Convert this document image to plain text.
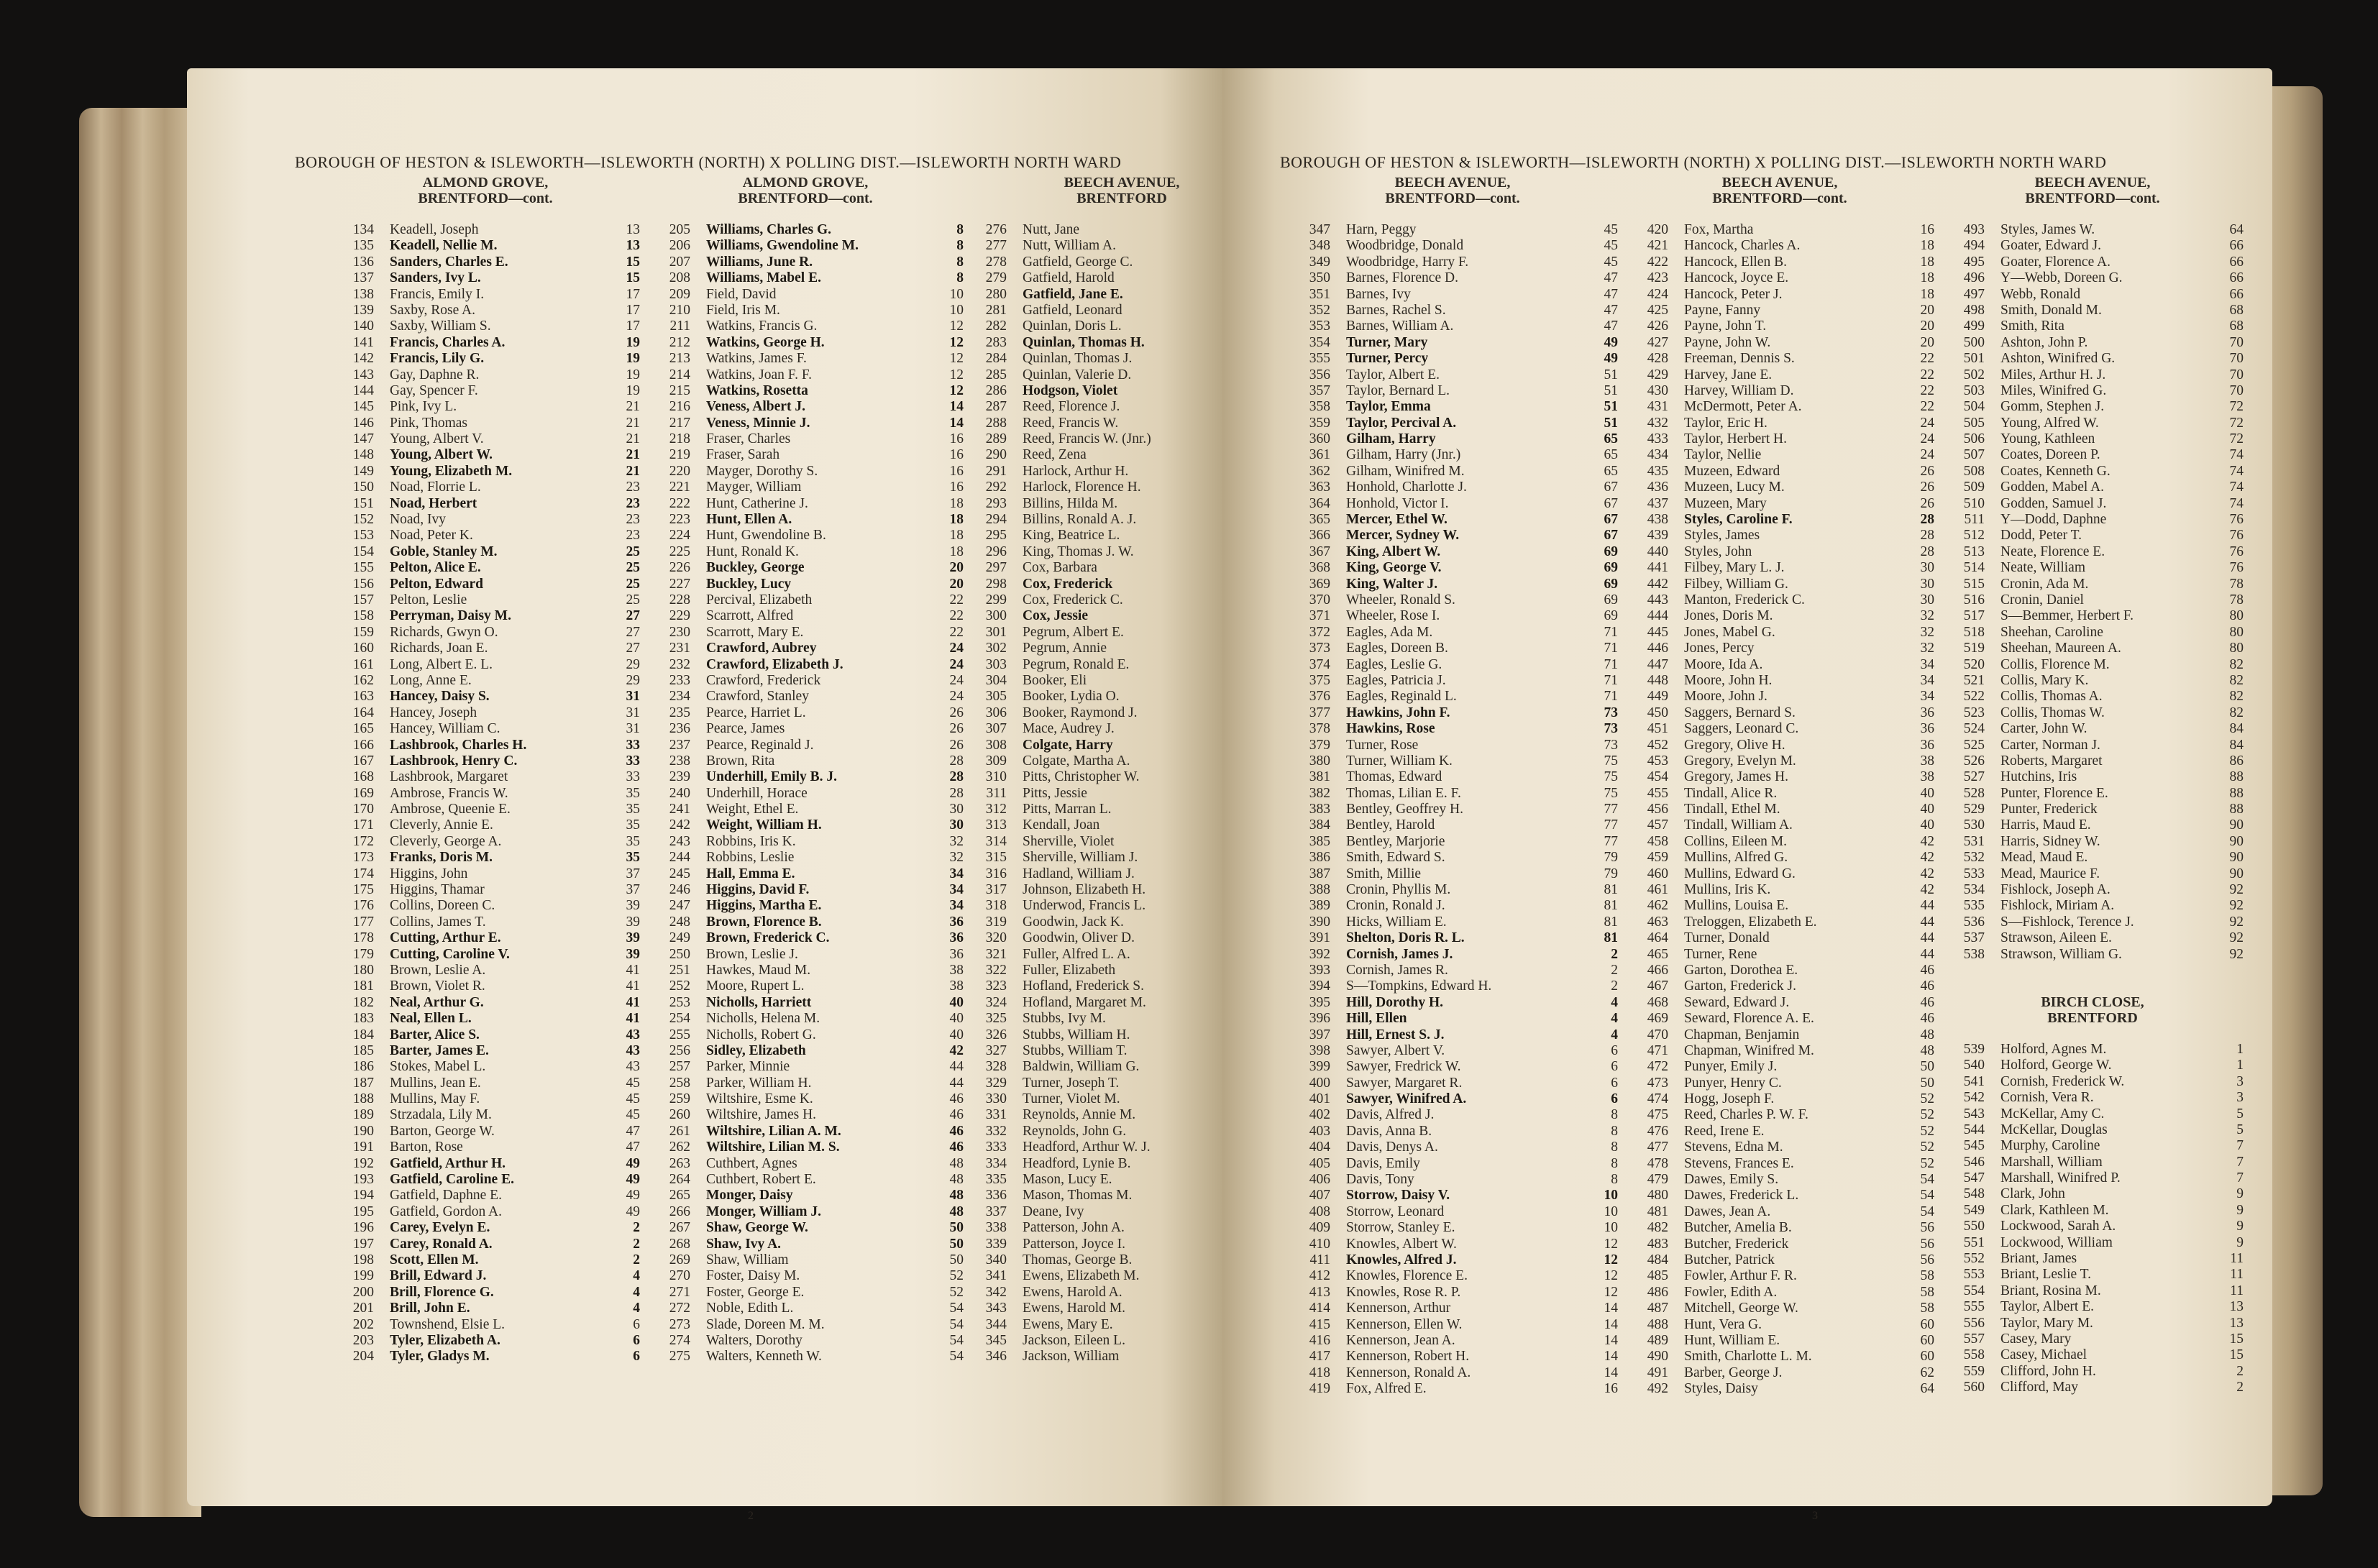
BOROUGH OF HESTON & ISLEWORTH—ISLEWORTH (NORTH) X POLLING DIST.—ISLEWORTH NORTH WARD
ALMOND GROVE,
BRENTFORD—cont.
134	Keadell, Joseph	13
135	Keadell, Nellie M.	13
136	Sanders, Charles E.	15
137	Sanders, Ivy L.	15
138	Francis, Emily I.	17
139	Saxby, Rose A.	17
140	Saxby, William S.	17
141	Francis, Charles A.	19
142	Francis, Lily G.	19
143	Gay, Daphne R.	19
144	Gay, Spencer F.	19
145	Pink, Ivy L.	21
146	Pink, Thomas	21
147	Young, Albert V.	21
148	Young, Albert W.	21
149	Young, Elizabeth M.	21
150	Noad, Florrie L.	23
151	Noad, Herbert	23
152	Noad, Ivy	23
153	Noad, Peter K.	23
154	Goble, Stanley M.	25
155	Pelton, Alice E.	25
156	Pelton, Edward	25
157	Pelton, Leslie	25
158	Perryman, Daisy M.	27
159	Richards, Gwyn O.	27
160	Richards, Joan E.	27
161	Long, Albert E. L.	29
162	Long, Anne E.	29
163	Hancey, Daisy S.	31
164	Hancey, Joseph	31
165	Hancey, William C.	31
166	Lashbrook, Charles H.	33
167	Lashbrook, Henry C.	33
168	Lashbrook, Margaret	33
169	Ambrose, Francis W.	35
170	Ambrose, Queenie E.	35
171	Cleverly, Annie E.	35
172	Cleverly, George A.	35
173	Franks, Doris M.	35
174	Higgins, John	37
175	Higgins, Thamar	37
176	Collins, Doreen C.	39
177	Collins, James T.	39
178	Cutting, Arthur E.	39
179	Cutting, Caroline V.	39
180	Brown, Leslie A.	41
181	Brown, Violet R.	41
182	Neal, Arthur G.	41
183	Neal, Ellen L.	41
184	Barter, Alice S.	43
185	Barter, James E.	43
186	Stokes, Mabel L.	43
187	Mullins, Jean E.	45
188	Mullins, May F.	45
189	Strzadala, Lily M.	45
190	Barton, George W.	47
191	Barton, Rose	47
192	Gatfield, Arthur H.	49
193	Gatfield, Caroline E.	49
194	Gatfield, Daphne E.	49
195	Gatfield, Gordon A.	49
196	Carey, Evelyn E.	2
197	Carey, Ronald A.	2
198	Scott, Ellen M.	2
199	Brill, Edward J.	4
200	Brill, Florence G.	4
201	Brill, John E.	4
202	Townshend, Elsie L.	6
203	Tyler, Elizabeth A.	6
204	Tyler, Gladys M.	6
ALMOND GROVE,
BRENTFORD—cont.
205	Williams, Charles G.	8
206	Williams, Gwendoline M.	8
207	Williams, June R.	8
208	Williams, Mabel E.	8
209	Field, David	10
210	Field, Iris M.	10
211	Watkins, Francis G.	12
212	Watkins, George H.	12
213	Watkins, James F.	12
214	Watkins, Joan F. F.	12
215	Watkins, Rosetta	12
216	Veness, Albert J.	14
217	Veness, Minnie J.	14
218	Fraser, Charles	16
219	Fraser, Sarah	16
220	Mayger, Dorothy S.	16
221	Mayger, William	16
222	Hunt, Catherine J.	18
223	Hunt, Ellen A.	18
224	Hunt, Gwendoline B.	18
225	Hunt, Ronald K.	18
226	Buckley, George	20
227	Buckley, Lucy	20
228	Percival, Elizabeth	22
229	Scarrott, Alfred	22
230	Scarrott, Mary E.	22
231	Crawford, Aubrey	24
232	Crawford, Elizabeth J.	24
233	Crawford, Frederick	24
234	Crawford, Stanley	24
235	Pearce, Harriet L.	26
236	Pearce, James	26
237	Pearce, Reginald J.	26
238	Brown, Rita	28
239	Underhill, Emily B. J.	28
240	Underhill, Horace	28
241	Weight, Ethel E.	30
242	Weight, William H.	30
243	Robbins, Iris K.	32
244	Robbins, Leslie	32
245	Hall, Emma E.	34
246	Higgins, David F.	34
247	Higgins, Martha E.	34
248	Brown, Florence B.	36
249	Brown, Frederick C.	36
250	Brown, Leslie J.	36
251	Hawkes, Maud M.	38
252	Moore, Rupert L.	38
253	Nicholls, Harriett	40
254	Nicholls, Helena M.	40
255	Nicholls, Robert G.	40
256	Sidley, Elizabeth	42
257	Parker, Minnie	44
258	Parker, William H.	44
259	Wiltshire, Esme K.	46
260	Wiltshire, James H.	46
261	Wiltshire, Lilian A. M.	46
262	Wiltshire, Lilian M. S.	46
263	Cuthbert, Agnes	48
264	Cuthbert, Robert E.	48
265	Monger, Daisy	48
266	Monger, William J.	48
267	Shaw, George W.	50
268	Shaw, Ivy A.	50
269	Shaw, William	50
270	Foster, Daisy M.	52
271	Foster, George E.	52
272	Noble, Edith L.	54
273	Slade, Doreen M. M.	54
274	Walters, Dorothy	54
275	Walters, Kenneth W.	54
BEECH AVENUE,
BRENTFORD
276	Nutt, Jane
277	Nutt, William A.
278	Gatfield, George C.
279	Gatfield, Harold
280	Gatfield, Jane E.
281	Gatfield, Leonard
282	Quinlan, Doris L.
283	Quinlan, Thomas H.
284	Quinlan, Thomas J.
285	Quinlan, Valerie D.
286	Hodgson, Violet
287	Reed, Florence J.
288	Reed, Francis W.
289	Reed, Francis W. (Jnr.)
290	Reed, Zena
291	Harlock, Arthur H.
292	Harlock, Florence H.
293	Billins, Hilda M.
294	Billins, Ronald A. J.
295	King, Beatrice L.
296	King, Thomas J. W.
297	Cox, Barbara
298	Cox, Frederick
299	Cox, Frederick C.
300	Cox, Jessie
301	Pegrum, Albert E.
302	Pegrum, Annie
303	Pegrum, Ronald E.
304	Booker, Eli
305	Booker, Lydia O.
306	Booker, Raymond J.
307	Mace, Audrey J.
308	Colgate, Harry
309	Colgate, Martha A.
310	Pitts, Christopher W.
311	Pitts, Jessie
312	Pitts, Marran L.
313	Kendall, Joan
314	Sherville, Violet
315	Sherville, William J.
316	Hadland, William J.
317	Johnson, Elizabeth H.
318	Underwod, Francis L.
319	Goodwin, Jack K.
320	Goodwin, Oliver D.
321	Fuller, Alfred L. A.
322	Fuller, Elizabeth
323	Hofland, Frederick S.
324	Hofland, Margaret M.
325	Stubbs, Ivy M.
326	Stubbs, William H.
327	Stubbs, William T.
328	Baldwin, William G.
329	Turner, Joseph T.
330	Turner, Violet M.
331	Reynolds, Annie M.
332	Reynolds, John G.
333	Headford, Arthur W. J.
334	Headford, Lynie B.
335	Mason, Lucy E.
336	Mason, Thomas M.
337	Deane, Ivy
338	Patterson, John A.
339	Patterson, Joyce I.
340	Thomas, George B.
341	Ewens, Elizabeth M.
342	Ewens, Harold A.
343	Ewens, Harold M.
344	Ewens, Mary E.
345	Jackson, Eileen L.
346	Jackson, William
2
BOROUGH OF HESTON & ISLEWORTH—ISLEWORTH (NORTH) X POLLING DIST.—ISLEWORTH NORTH WARD
BEECH AVENUE,
BRENTFORD—cont.
347	Harn, Peggy	45
348	Woodbridge, Donald	45
349	Woodbridge, Harry F.	45
350	Barnes, Florence D.	47
351	Barnes, Ivy	47
352	Barnes, Rachel S.	47
353	Barnes, William A.	47
354	Turner, Mary	49
355	Turner, Percy	49
356	Taylor, Albert E.	51
357	Taylor, Bernard L.	51
358	Taylor, Emma	51
359	Taylor, Percival A.	51
360	Gilham, Harry	65
361	Gilham, Harry (Jnr.)	65
362	Gilham, Winifred M.	65
363	Honhold, Charlotte J.	67
364	Honhold, Victor I.	67
365	Mercer, Ethel W.	67
366	Mercer, Sydney W.	67
367	King, Albert W.	69
368	King, George V.	69
369	King, Walter J.	69
370	Wheeler, Ronald S.	69
371	Wheeler, Rose I.	69
372	Eagles, Ada M.	71
373	Eagles, Doreen B.	71
374	Eagles, Leslie G.	71
375	Eagles, Patricia J.	71
376	Eagles, Reginald L.	71
377	Hawkins, John F.	73
378	Hawkins, Rose	73
379	Turner, Rose	73
380	Turner, William K.	75
381	Thomas, Edward	75
382	Thomas, Lilian E. F.	75
383	Bentley, Geoffrey H.	77
384	Bentley, Harold	77
385	Bentley, Marjorie	77
386	Smith, Edward S.	79
387	Smith, Millie	79
388	Cronin, Phyllis M.	81
389	Cronin, Ronald J.	81
390	Hicks, William E.	81
391	Shelton, Doris R. L.	81
392	Cornish, James J.	2
393	Cornish, James R.	2
394	S—Tompkins, Edward H.	2
395	Hill, Dorothy H.	4
396	Hill, Ellen	4
397	Hill, Ernest S. J.	4
398	Sawyer, Albert V.	6
399	Sawyer, Fredrick W.	6
400	Sawyer, Margaret R.	6
401	Sawyer, Winifred A.	6
402	Davis, Alfred J.	8
403	Davis, Anna B.	8
404	Davis, Denys A.	8
405	Davis, Emily	8
406	Davis, Tony	8
407	Storrow, Daisy V.	10
408	Storrow, Leonard	10
409	Storrow, Stanley E.	10
410	Knowles, Albert W.	12
411	Knowles, Alfred J.	12
412	Knowles, Florence E.	12
413	Knowles, Rose R. P.	12
414	Kennerson, Arthur	14
415	Kennerson, Ellen W.	14
416	Kennerson, Jean A.	14
417	Kennerson, Robert H.	14
418	Kennerson, Ronald A.	14
419	Fox, Alfred E.	16
BEECH AVENUE,
BRENTFORD—cont.
420	Fox, Martha	16
421	Hancock, Charles A.	18
422	Hancock, Ellen B.	18
423	Hancock, Joyce E.	18
424	Hancock, Peter J.	18
425	Payne, Fanny	20
426	Payne, John T.	20
427	Payne, John W.	20
428	Freeman, Dennis S.	22
429	Harvey, Jane E.	22
430	Harvey, William D.	22
431	McDermott, Peter A.	22
432	Taylor, Eric H.	24
433	Taylor, Herbert H.	24
434	Taylor, Nellie	24
435	Muzeen, Edward	26
436	Muzeen, Lucy M.	26
437	Muzeen, Mary	26
438	Styles, Caroline F.	28
439	Styles, James	28
440	Styles, John	28
441	Filbey, Mary L. J.	30
442	Filbey, William G.	30
443	Manton, Frederick C.	30
444	Jones, Doris M.	32
445	Jones, Mabel G.	32
446	Jones, Percy	32
447	Moore, Ida A.	34
448	Moore, John H.	34
449	Moore, John J.	34
450	Saggers, Bernard S.	36
451	Saggers, Leonard C.	36
452	Gregory, Olive H.	36
453	Gregory, Evelyn M.	38
454	Gregory, James H.	38
455	Tindall, Alice R.	40
456	Tindall, Ethel M.	40
457	Tindall, William A.	40
458	Collins, Eileen M.	42
459	Mullins, Alfred G.	42
460	Mullins, Edward G.	42
461	Mullins, Iris K.	42
462	Mullins, Louisa E.	44
463	Treloggen, Elizabeth E.	44
464	Turner, Donald	44
465	Turner, Rene	44
466	Garton, Dorothea E.	46
467	Garton, Frederick J.	46
468	Seward, Edward J.	46
469	Seward, Florence A. E.	46
470	Chapman, Benjamin	48
471	Chapman, Winifred M.	48
472	Punyer, Emily J.	50
473	Punyer, Henry C.	50
474	Hogg, Joseph F.	52
475	Reed, Charles P. W. F.	52
476	Reed, Irene E.	52
477	Stevens, Edna M.	52
478	Stevens, Frances E.	52
479	Dawes, Emily S.	54
480	Dawes, Frederick L.	54
481	Dawes, Jean A.	54
482	Butcher, Amelia B.	56
483	Butcher, Frederick	56
484	Butcher, Patrick	56
485	Fowler, Arthur F. R.	58
486	Fowler, Edith A.	58
487	Mitchell, George W.	58
488	Hunt, Vera G.	60
489	Hunt, William E.	60
490	Smith, Charlotte L. M.	60
491	Barber, George J.	62
492	Styles, Daisy	64
BEECH AVENUE,
BRENTFORD—cont.
493	Styles, James W.	64
494	Goater, Edward J.	66
495	Goater, Florence A.	66
496	Y—Webb, Doreen G.	66
497	Webb, Ronald	66
498	Smith, Donald M.	68
499	Smith, Rita	68
500	Ashton, John P.	70
501	Ashton, Winifred G.	70
502	Miles, Arthur H. J.	70
503	Miles, Winifred G.	70
504	Gomm, Stephen J.	72
505	Young, Alfred W.	72
506	Young, Kathleen	72
507	Coates, Doreen P.	74
508	Coates, Kenneth G.	74
509	Godden, Mabel A.	74
510	Godden, Samuel J.	74
511	Y—Dodd, Daphne	76
512	Dodd, Peter T.	76
513	Neate, Florence E.	76
514	Neate, William	76
515	Cronin, Ada M.	78
516	Cronin, Daniel	78
517	S—Bemmer, Herbert F.	80
518	Sheehan, Caroline	80
519	Sheehan, Maureen A.	80
520	Collis, Florence M.	82
521	Collis, Mary K.	82
522	Collis, Thomas A.	82
523	Collis, Thomas W.	82
524	Carter, John W.	84
525	Carter, Norman J.	84
526	Roberts, Margaret	86
527	Hutchins, Iris	88
528	Punter, Florence E.	88
529	Punter, Frederick	88
530	Harris, Maud E.	90
531	Harris, Sidney W.	90
532	Mead, Maud E.	90
533	Mead, Maurice F.	90
534	Fishlock, Joseph A.	92
535	Fishlock, Miriam A.	92
536	S—Fishlock, Terence J.	92
537	Strawson, Aileen E.	92
538	Strawson, William G.	92
BIRCH CLOSE,
BRENTFORD
539	Holford, Agnes M.	1
540	Holford, George W.	1
541	Cornish, Frederick W.	3
542	Cornish, Vera R.	3
543	McKellar, Amy C.	5
544	McKellar, Douglas	5
545	Murphy, Caroline	7
546	Marshall, William	7
547	Marshall, Winifred P.	7
548	Clark, John	9
549	Clark, Kathleen M.	9
550	Lockwood, Sarah A.	9
551	Lockwood, William	9
552	Briant, James	11
553	Briant, Leslie T.	11
554	Briant, Rosina M.	11
555	Taylor, Albert E.	13
556	Taylor, Mary M.	13
557	Casey, Mary	15
558	Casey, Michael	15
559	Clifford, John H.	2
560	Clifford, May	2
3
